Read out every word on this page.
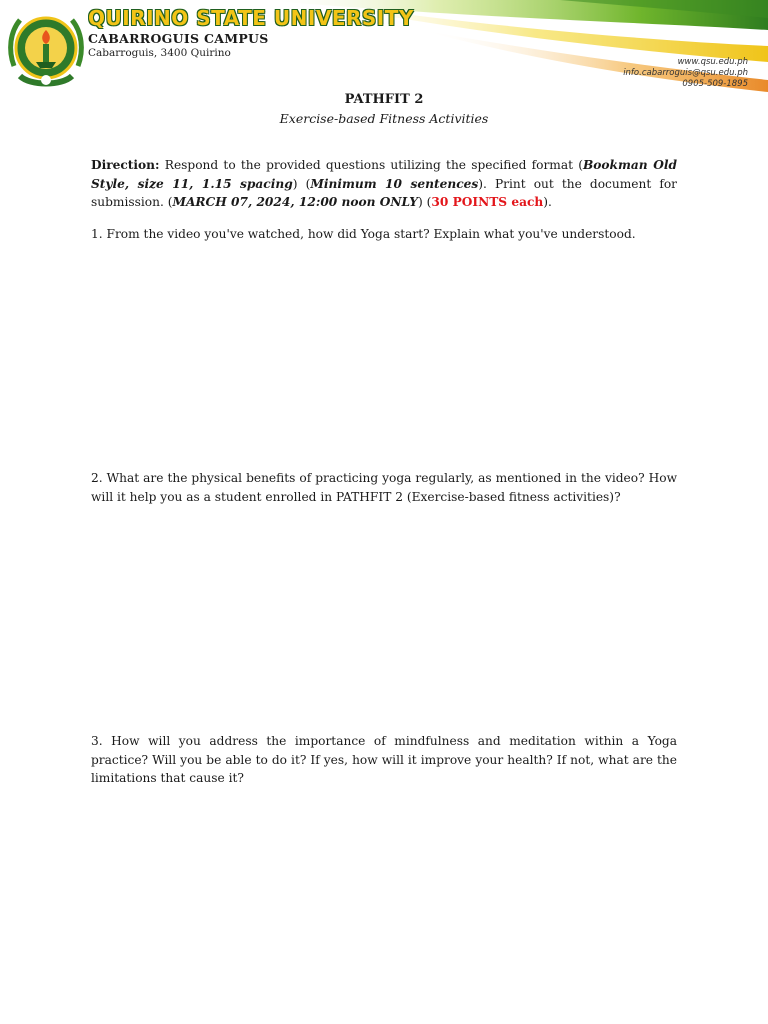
QUIRINO STATE UNIVERSITY
CABARROGUIS CAMPUS
Cabarroguis, 3400 Quirino
www.qsu.edu.ph
info.cabarroguis@qsu.edu.ph
0905-509-1895
PATHFIT 2
Exercise-based Fitness Activities
Direction: Respond to the provided questions utilizing the specified format (Bookman Old Style, size 11, 1.15 spacing) (Minimum 10 sentences). Print out the document for submission. (MARCH 07, 2024, 12:00 noon ONLY) (30 POINTS each).
1. From the video you've watched, how did Yoga start? Explain what you've understood.
2. What are the physical benefits of practicing yoga regularly, as mentioned in the video? How will it help you as a student enrolled in PATHFIT 2 (Exercise-based fitness activities)?
3. How will you address the importance of mindfulness and meditation within a Yoga practice? Will you be able to do it? If yes, how will it improve your health? If not, what are the limitations that cause it?
